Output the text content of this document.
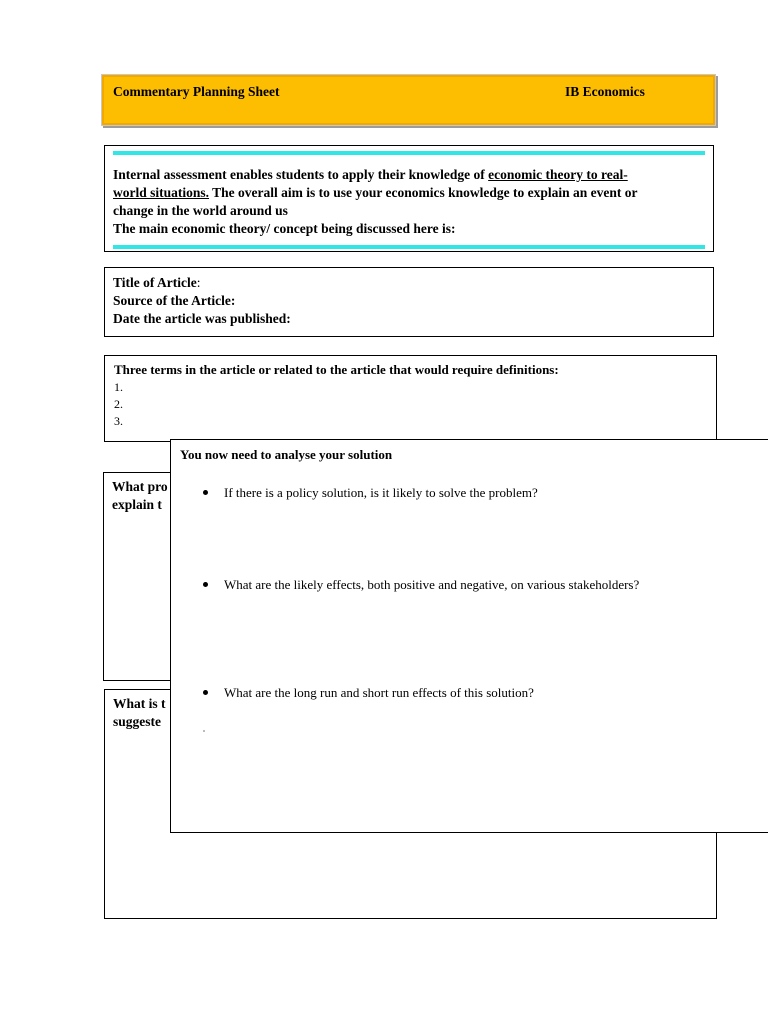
Commentary Planning Sheet	IB Economics

Internal assessment enables students to apply their knowledge of economic theory to real-

world situations. The overall aim is to use your economics knowledge to explain an event or

change in the world around us

The main economic theory/ concept being discussed here is:

Title of Article:

Source of the Article:

Date the article was published:

Three terms in the article or related to the article that would require definitions:

1.

2.

3.

What pro

explain t

What is t

suggeste

You now need to analyse your solution
If there is a policy solution, is it likely to solve the problem?
What are the likely effects, both positive and negative, on various stakeholders?
What are the long run and short run effects of this solution?
